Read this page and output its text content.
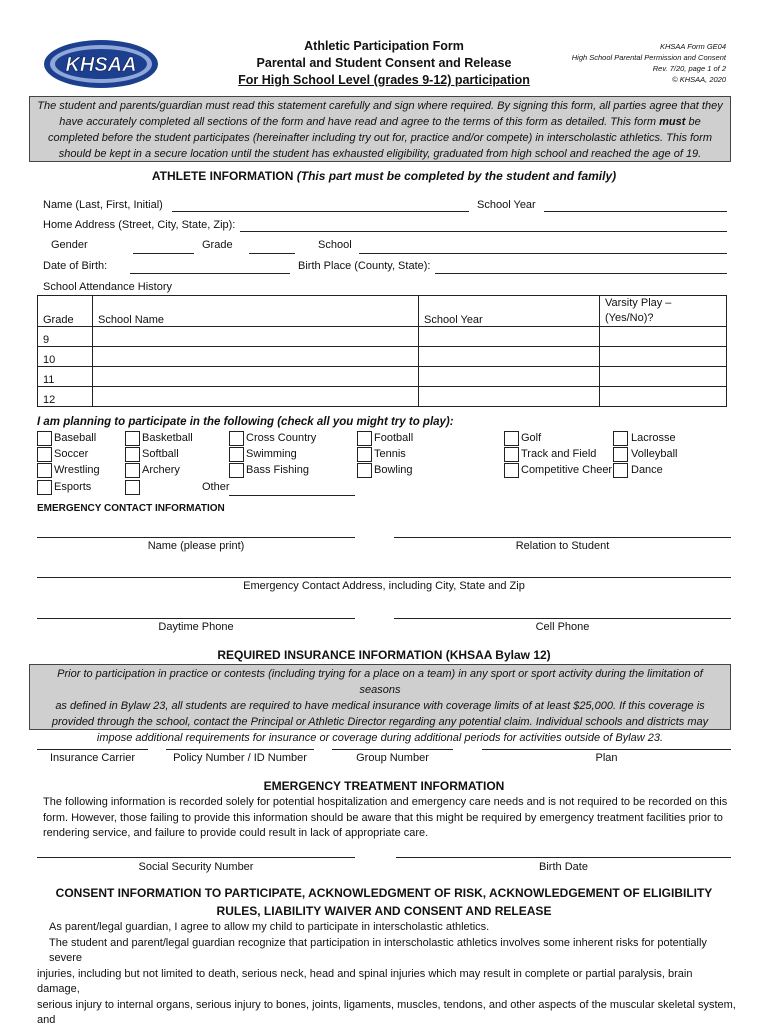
KHSAA
Athletic Participation Form
Parental and Student Consent and Release
For High School Level (grades 9-12) participation
KHSAA Form GE04
High School Parental Permission and Consent
Rev. 7/20, page 1 of 2
© KHSAA, 2020
The student and parents/guardian must read this statement carefully and sign where required. By signing this form, all parties agree that they
have accurately completed all sections of the form and have read and agree to the terms of this form as detailed. This form must be
completed before the student participates (hereinafter including try out for, practice and/or compete) in interscholastic athletics. This form
should be kept in a secure location until the student has exhausted eligibility, graduated from high school and reached the age of 19.
ATHLETE INFORMATION (This part must be completed by the student and family)
Name (Last, First, Initial)	School Year
Home Address (Street, City, State, Zip):
Gender	Grade	School
Date of Birth:	Birth Place (County, State):
School Attendance History
Grade	School Name	School Year	Varsity Play –
(Yes/No)?
9			
10			
11			
12			
I am planning to participate in the following (check all you might try to play):
Baseball
Soccer
Wrestling
Esports
Basketball
Softball
Archery
Other
Cross Country
Swimming
Bass Fishing
Football
Tennis
Bowling
Golf
Track and Field
Competitive Cheer
Lacrosse
Volleyball
Dance
EMERGENCY CONTACT INFORMATION
Name (please print)	Relation to Student
Emergency Contact Address, including City, State and Zip
Daytime Phone	Cell Phone
REQUIRED INSURANCE INFORMATION (KHSAA Bylaw 12)
Prior to participation in practice or contests (including trying for a place on a team) in any sport or sport activity during the limitation of seasons
as defined in Bylaw 23, all students are required to have medical insurance with coverage limits of at least $25,000. If this coverage is
provided through the school, contact the Principal or Athletic Director regarding any potential claim. Individual schools and districts may
impose additional requirements for insurance or coverage during additional periods for activities outside of Bylaw 23.
Insurance Carrier	Policy Number / ID Number	Group Number	Plan
EMERGENCY TREATMENT INFORMATION
The following information is recorded solely for potential hospitalization and emergency care needs and is not required to be recorded on this
form. However, those failing to provide this information should be aware that this might be required by emergency treatment facilities prior to
rendering service, and failure to provide could result in lack of appropriate care.
Social Security Number	Birth Date
CONSENT INFORMATION TO PARTICIPATE, ACKNOWLEDGMENT OF RISK, ACKNOWLEDGEMENT OF ELIGIBILITY
RULES, LIABILITY WAIVER AND CONSENT AND RELEASE
As parent/legal guardian, I agree to allow my child to participate in interscholastic athletics.
The student and parent/legal guardian recognize that participation in interscholastic athletics involves some inherent risks for potentially severe
injuries, including but not limited to death, serious neck, head and spinal injuries which may result in complete or partial paralysis, brain damage,
serious injury to internal organs, serious injury to bones, joints, ligaments, muscles, tendons, and other aspects of the muscular skeletal system, and
